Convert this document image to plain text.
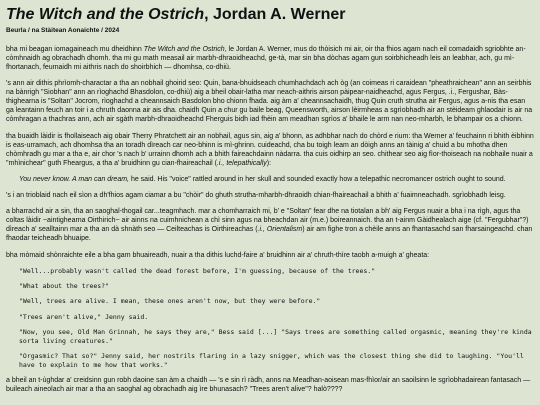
The Witch and the Ostrich, Jordan A. Werner
Beurla / na Stàitean Aonaichte / 2024

bha mi beagan iomagaineach mu dheidhinn The Witch and the Ostrich, le Jordan A. Werner, mus do thòisich mi air, oir tha fhios agam nach eil comadaidh sgriobhte an-còmhnaidh ag obrachadh dhomh. tha mi gu math measail air marbh-dhraoidheachd, ge-tà, mar sin bha dòchas agam gun soirbhicheadh leis an leabhar, ach, gu mì-fhortanach, feumaidh mi aithris nach do shoirbhich — dhomhsa, co-dhiù.

's ann air dithis phrìomh-charactar a tha an nobhail ghoirid seo: Quin, bana-bhuidseach chumhachdach ach òg (an coimeas ri caraidean "pheathraichean" ann an seirbhis na bànrigh "Siobhan" ann an rìoghachd Bhasdolon, co-dhiù) aig a bheil obair-latha mar neach-aithris airson pàipear-naidheachd, agus Fergus, .i., Fergushar, Bàs-thighearna is "Soltan" Jocrom, rìoghachd a cheannsaich Basdolon bho chionn fhada. aig àm a' cheannsachaidh, thug Quin cruth strutha air Fergus, agus a-nis tha esan ga leantainn feuch an toir i a chruth daonna air ais dha. chaidh Quin a chur gu baile beag, Queensworth, airson lèirmheas a sgrìobhadh air an stèideam ghlaodair is air na còmhragan a thachras ann, ach air sgàth marbh-dhraoidheachd Fherguis bidh iad fhèin am meadhan sgrìos a' bhaile le arm nan neo-mharbh, le bhampair os a chionn.

tha buaidh làidir is fhollaiseach aig obair Therry Phratchett air an nobhail, agus sin, aig a' bhonn, as adhbhar nach do chòrd e rium: tha Werner a' feuchainn ri bhith èibhinn is eas-urramach, ach dhomhsa tha an toradh dìreach car neo-bhinn is mì-ghrinn. cuideachd, cha bu toigh leam an dòigh anns an tàinig a' chuid a bu mhotha dhen chòmhradh gu mar a tha e, air chor 's nach b' urrainn dhomh ach a bhith faireachdainn nàdarra. tha cuis oidhirp an seo. chithear seo aig fìor-thoiseach na nobhaile nuair a "mhìnichear" guth Fheargus, a tha a' bruidhinn gu cian-fhaireachail (.i., telepathically):

You never know. A man can dream, he said. His "voice" rattled around in her skull and sounded exactly how a telepathic necromancer ostrich ought to sound.

's i an trioblaid nach eil sìon a dh'fhios agam ciamar a bu "chòir" do ghuth strutha-mharbh-dhraoidh chian-fhaireachail a bhith a' fuaimneachadh. sgrìobhadh leisg.

a bharrachd air a sin, tha an saoghal-thogail car...teagmhach. mar a chomharraich mi, b' e "Soltan" fear dhe na tiotalan a bh' aig Fergus nuair a bha i na rìgh, agus tha coltas làidir ~aintighearna Oirthirich~ air ainns na cuimhnichean a chì sinn agus na bheachdan air (m.e.) boireannaich. tha an t-ainm Gàidhealach aige (cf. "Fergubhar"?) dìreach a' sealltainn mar a tha an dà shnàth seo — Ceilteachas is Oirthireachas (.i., Orientalism) air am fighe tron a chèile anns an fhantasachd san fharsaingeachd. chan fhaodar teicheadh bhuaipe.

bha mòmaid shònraichte eile a bha gam bhuaireadh, nuair a tha dithis luchd-faire a' bruidhinn air a' chruth-thìre taobh a-muigh a' gheata:

"Well...probably wasn't called the dead forest before, I'm guessing, because of the trees."
"What about the trees?"
"Well, trees are alive. I mean, these ones aren't now, but they were before."
"Trees aren't alive," Jenny said.
"Now, you see, Old Man Grinnah, he says they are," Bess said [...] "Says trees are something called orgasmic, meaning they're kinda sorta living creatures."
"Orgasmic? That so?" Jenny said, her nostrils flaring in a lazy snigger, which was the closest thing she did to laughing. "You'll have to explain to me how that works."

a bheil an t-ùghdar a' creidsinn gun robh daoine san àm a chaidh — 's e sin rì ràdh, anns na Meadhan-aoisean mas-fhìor/air an saoilsinn le sgrìobhadairean fantasach — buileach aineolach air mar a tha an saoghal ag obrachadh aig ìre bhunasach? "Trees aren't alive"? halò????
